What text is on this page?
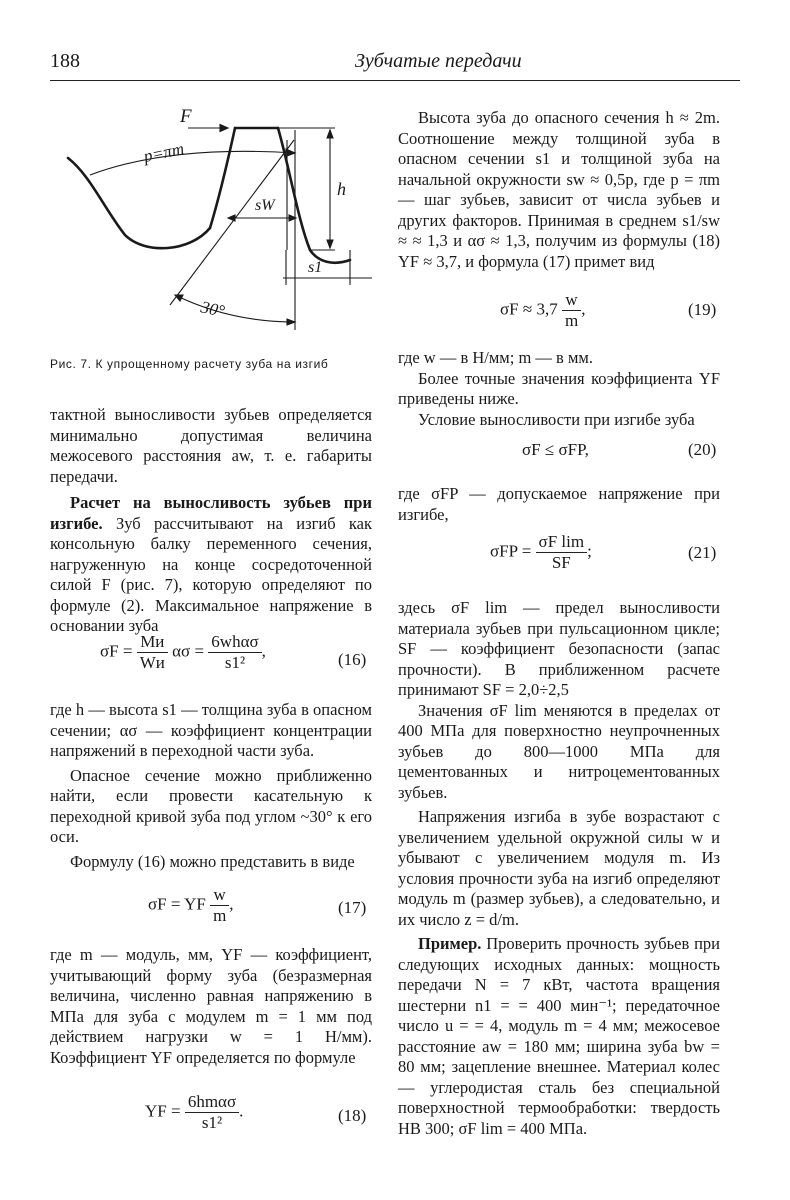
188	Зубчатые передачи
F
p=πm
sW
h
s1
30°
Рис. 7. К упрощенному расчету зуба на изгиб

тактной выносливости зубьев определяется минимально допустимая величина межосевого расстояния aw, т. е. габариты передачи.

Расчет на выносливость зубьев при изгибе. Зуб рассчитывают на изгиб как консольную балку переменного сечения, нагруженную на конце сосредоточенной силой F (рис. 7), которую определяют по формуле (2). Максимальное напряжение в основании зуба

$\sigma F = \frac{Mи}{Wи}$ $\alpha\sigma = \frac{\text{6whασ}}{\text{s1²}}$ ,	(16)

где h — высота s1 — толщина зуба в опасном сечении; ασ — коэффициент концентрации напряжений в переходной части зуба.

Опасное сечение можно приближенно найти, если провести касательную к переходной кривой зуба под углом ~30° к его оси.

Формулу (16) можно представить в виде

σF = YF $\frac{w}{m}$ ,	(17)

где m — модуль, мм, YF — коэффициент, учитывающий форму зуба (безразмерная величина, численно равная напряжению в МПа для зуба с модулем m = 1 мм под действием нагрузки w = 1 Н/мм). Коэффициент YF определяется по формуле

YF = $\frac{\text{6hmασ}}{\text{s1²}}$ .	(18)

Высота зуба до опасного сечения h ≈ 2m. Соотношение между толщиной зуба в опасном сечении s1 и толщиной зуба на начальной окружности sw ≈ 0,5p, где p = πm — шаг зубьев, зависит от числа зубьев и других факторов. Принимая в среднем s1/sw ≈ ≈ 1,3 и ασ ≈ 1,3, получим из формулы (18) YF ≈ 3,7, и формула (17) примет вид

$\sigma F \approx 3,7 \frac{w}{m}$ ,	(19)

где w — в Н/мм; m — в мм.

Более точные значения коэффициента YF приведены ниже.

Условие выносливости при изгибе зуба

σF ≤ σFP,	(20)

где σFP — допускаемое напряжение при изгибе,

$\sigma FP = \frac{\text{σF lim}}{SF}$ ;	(21)

здесь σF lim — предел выносливости материала зубьев при пульсационном цикле; SF — коэффициент безопасности (запас прочности). В приближенном расчете принимают SF = 2,0÷2,5

Значения σF lim меняются в пределах от 400 МПа для поверхностно неупрочненных зубьев до 800—1000 МПа для цементованных и нитроцементованных зубьев.

Напряжения изгиба в зубе возрастают с увеличением удельной окружной силы w и убывают с увеличением модуля m. Из условия прочности зуба на изгиб определяют модуль m (размер зубьев), а следовательно, и их число z = d/m.

Пример. Проверить прочность зубьев при следующих исходных данных: мощность передачи N = 7 кВт, частота вращения шестерни n1 = = 400 мин⁻¹; передаточное число u = = 4, модуль m = 4 мм; межосевое расстояние aw = 180 мм; ширина зуба bw = 80 мм; зацепление внешнее. Материал колес — углеродистая сталь без специальной поверхностной термообработки: твердость НВ 300; σF lim = 400 МПа.
